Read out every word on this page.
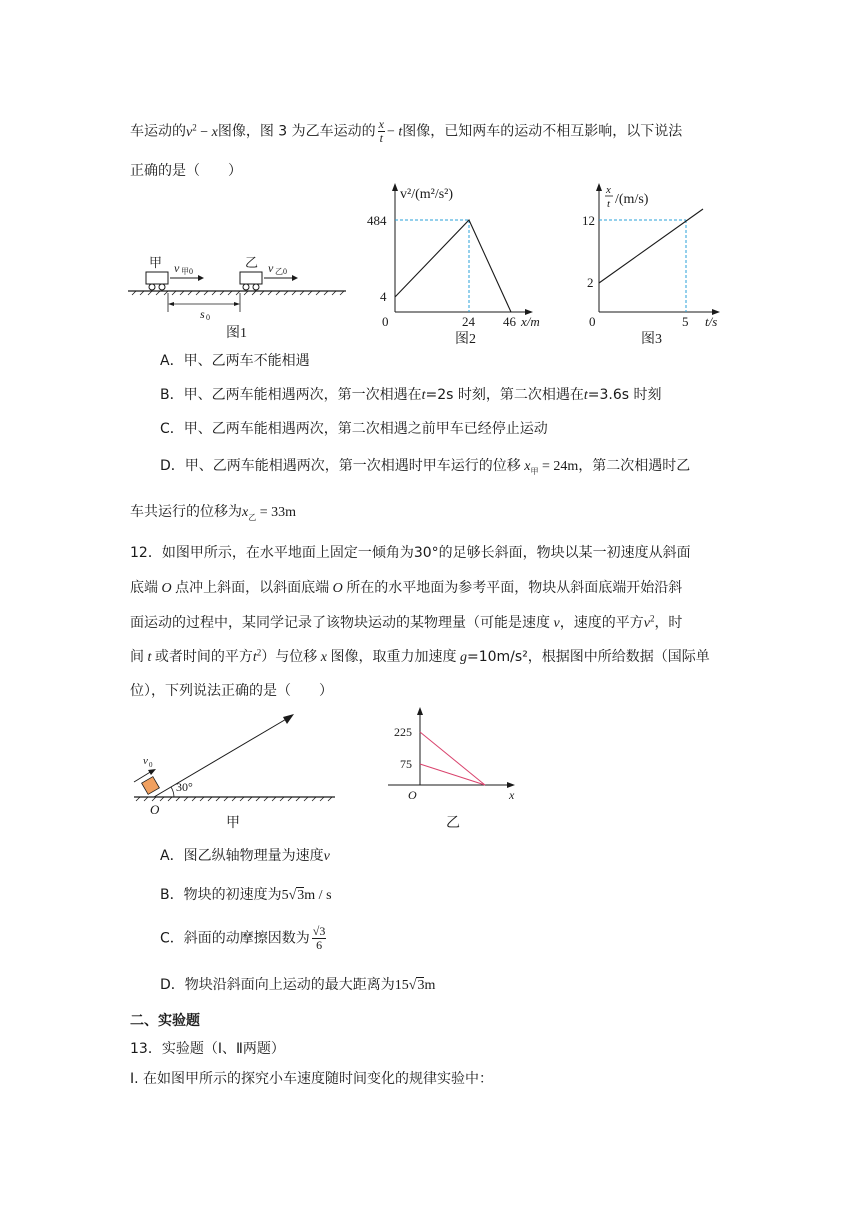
车运动的$v^2 - x$图像，图 3 为乙车运动的 $\frac{x}{t} - t$图像，已知两车的运动不相互影响，以下说法
正确的是（　　）
甲 v 甲0
乙 v 乙0
s 0
图1
v²/(m²/s²)
484
4
0	24 46 x/m
图2
x
t /(m/s)
12
2
0	5 t/s
图3
A．甲、乙两车不能相遇
B．甲、乙两车能相遇两次，第一次相遇在t=2s 时刻，第二次相遇在t=3.6s 时刻
C．甲、乙两车能相遇两次，第二次相遇之前甲车已经停止运动
D．甲、乙两车能相遇两次，第一次相遇时甲车运行的位移 $x_甲 = 24m$，第二次相遇时乙
车共运行的位移为$x_乙 = 33m$
12．如图甲所示，在水平地面上固定一倾角为30°的足够长斜面，物块以某一初速度从斜面
底端 O 点冲上斜面，以斜面底端 O 所在的水平地面为参考平面，物块从斜面底端开始沿斜
面运动的过程中，某同学记录了该物块运动的某物理量（可能是速度 v，速度的平方$v^2$，时
间 t 或者时间的平方$t^2$）与位移 x 图像，取重力加速度 g=10m/s²，根据图中所给数据（国际单
位），下列说法正确的是（　　）
30°
v 0
O
甲
225
75
O	x
乙
A．图乙纵轴物理量为速度v
B．物块的初速度为5√3m / s
C．斜面的动摩擦因数为 $\frac{√3}{6}$
D．物块沿斜面向上运动的最大距离为15√3m
二、实验题
13．实验题（Ⅰ、Ⅱ两题）
Ⅰ. 在如图甲所示的探究小车速度随时间变化的规律实验中：
